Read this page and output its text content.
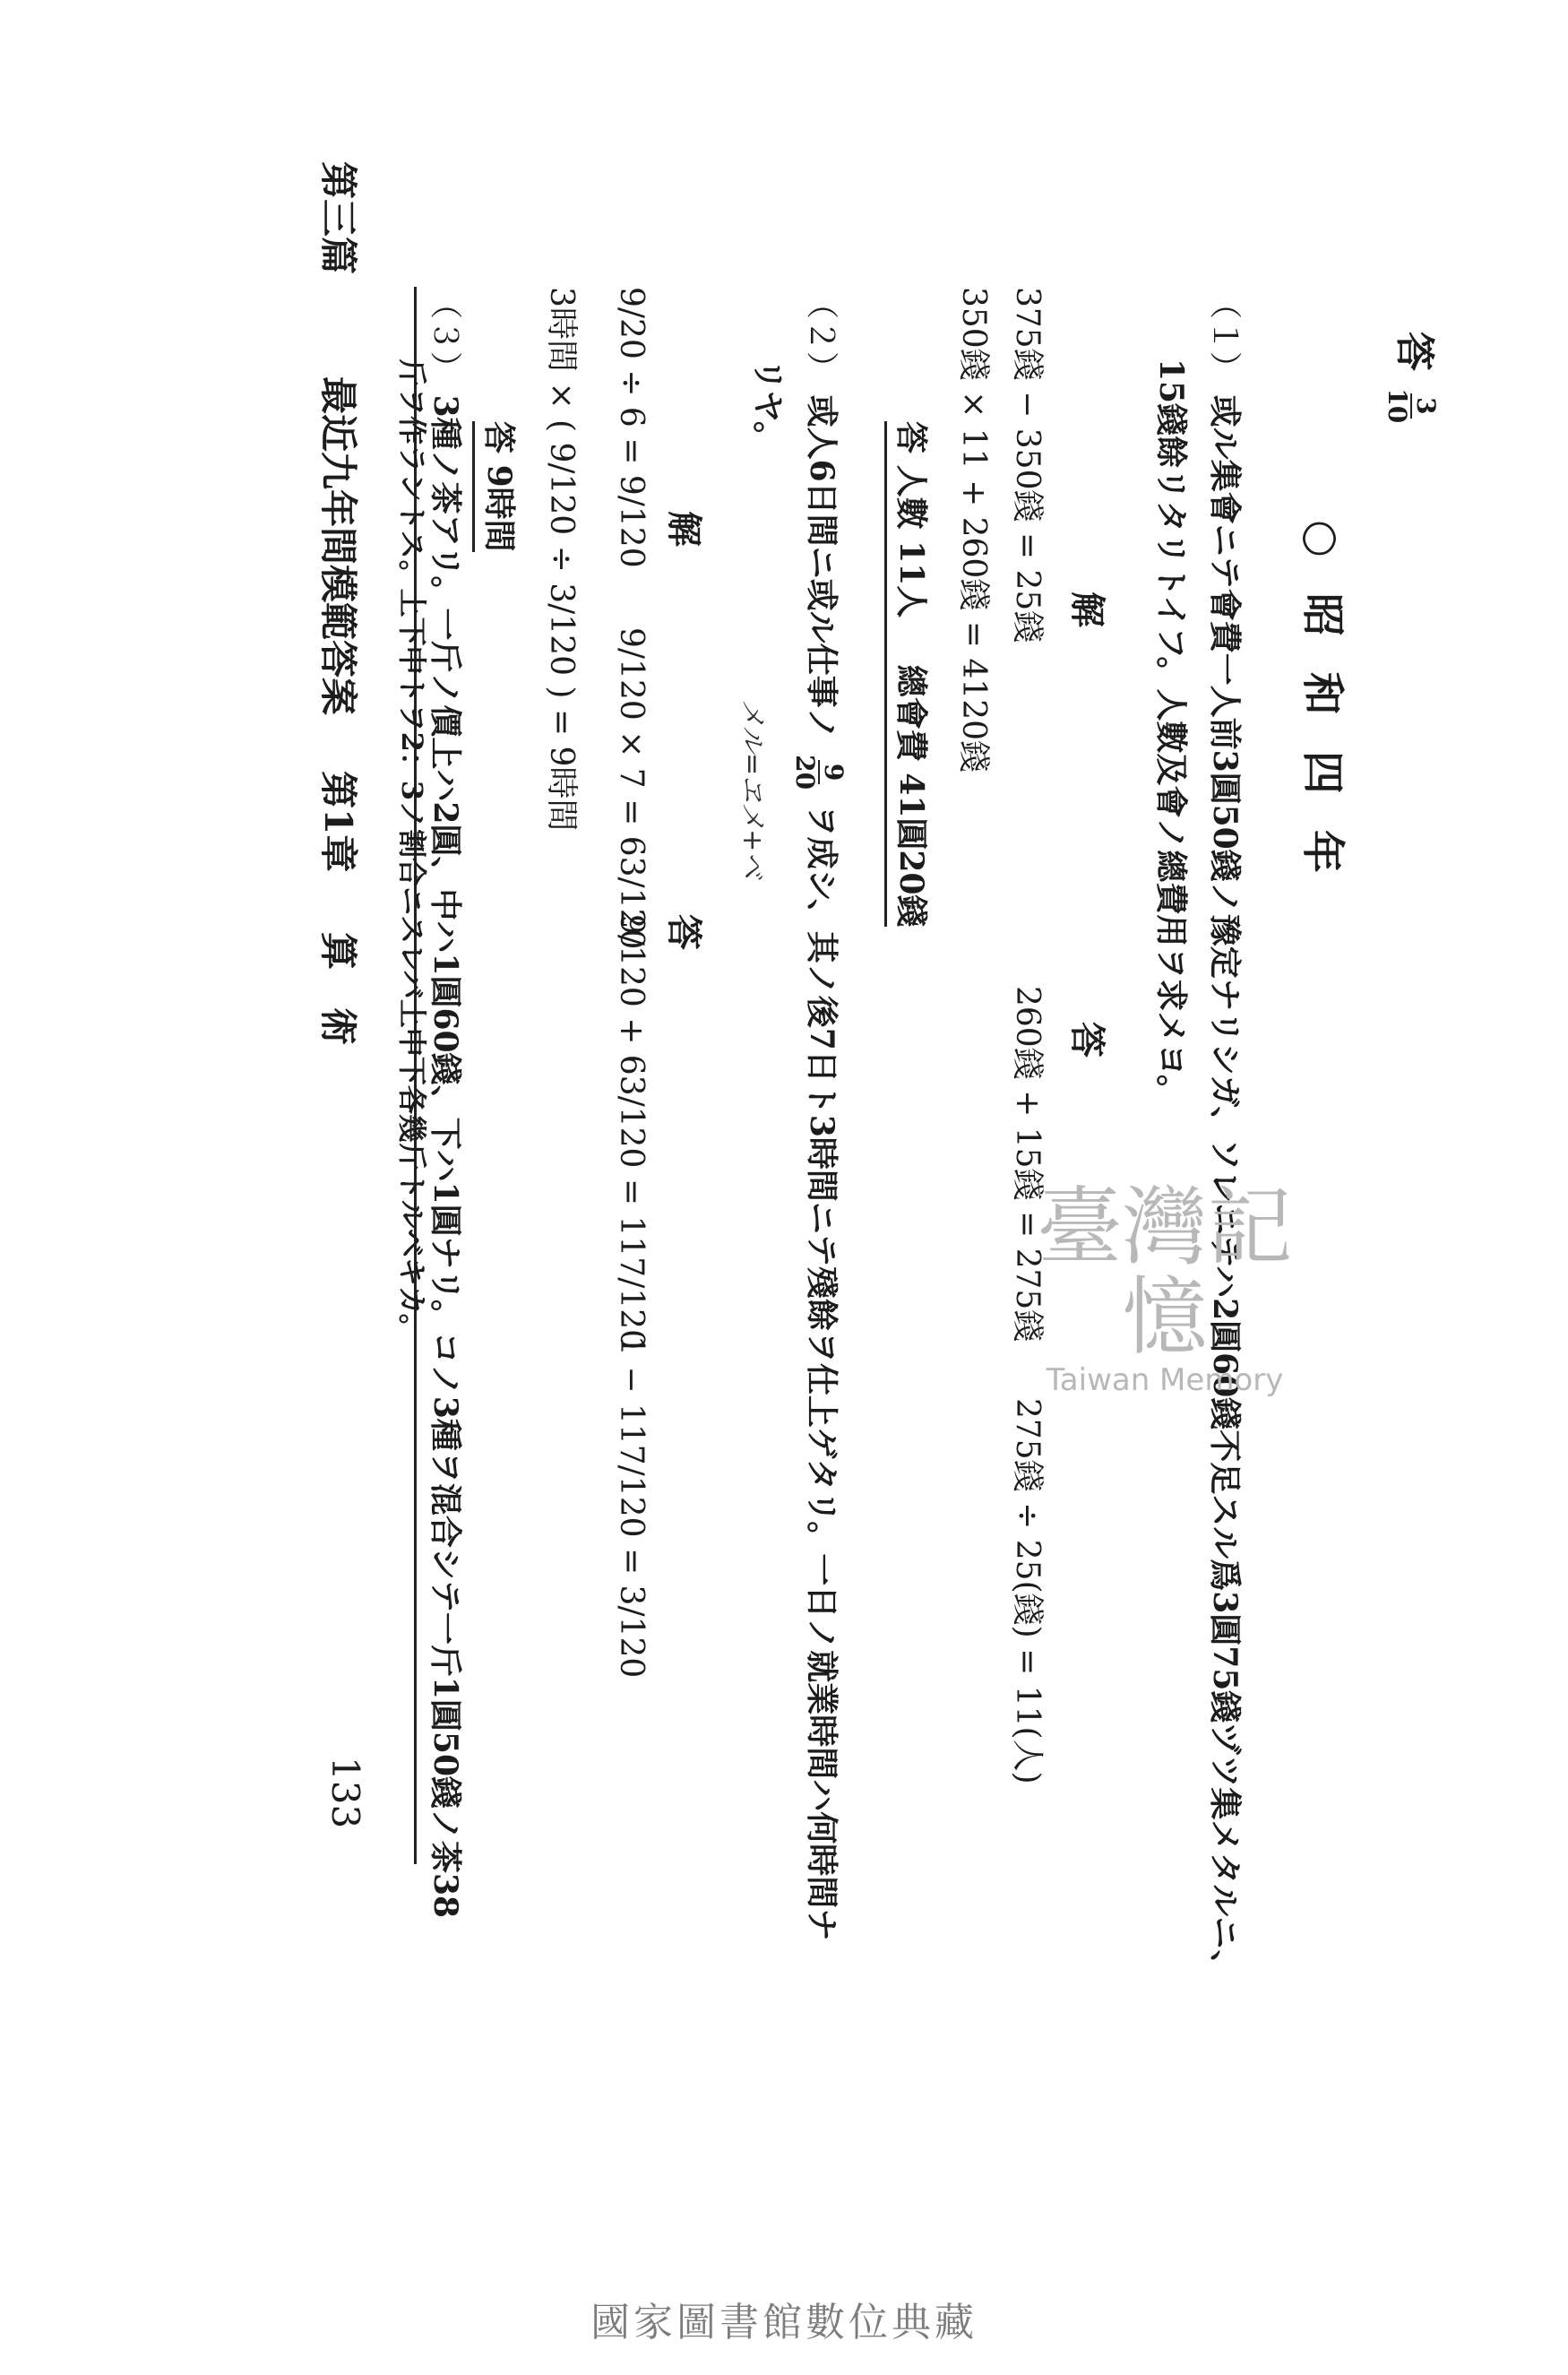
第三篇
最近九年間模範答案
第1章
算　術
133
答
3
10
○昭和四年
（１） 或ル集會ニテ會費一人前3圓50錢ノ豫定ナリシガ、ソレニテハ2圓60錢不足スル爲3圓75錢ヅツ集メタルニ、
15錢餘リタリトイフ。人數及會ノ總費用ヲ求メヨ。
解
答
375錢 − 350錢 = 25錢
260錢 + 15錢 = 275錢
275錢 ÷ 25(錢) = 11(人)
350錢 × 11 + 260錢 = 4120錢
答 人數 11人 總會費 41圓20錢
（２） 或人6日間ニ或ル仕事ノ
9
20
ヲ成シ、其ノ後7日ト3時間ニテ殘餘ヲ仕上ゲタリ。一日ノ就業時間ハ何時間ナ
リヤ。
メル=ヱメ+ベ
解
答
9/20 ÷ 6 = 9/120
9/120 × 7 = 63/120
9/120 + 63/120 = 117/120
1 − 117/120 = 3/120
3時間 × ( 9/120 ÷ 3/120 ) = 9時間
答 9時間
（３） 3種ノ茶アリ。一斤ノ價上ハ2圓、中ハ1圓60錢、下ハ1圓ナリ。コノ3種ヲ混合シテ一斤1圓50錢ノ茶38
斤ヲ作ラントス。上下中トヲ2：3ノ割合ニスレバ上中下各幾斤トルベキカ。	臺灣記憶
Taiwan Memory
國家圖書館數位典藏
